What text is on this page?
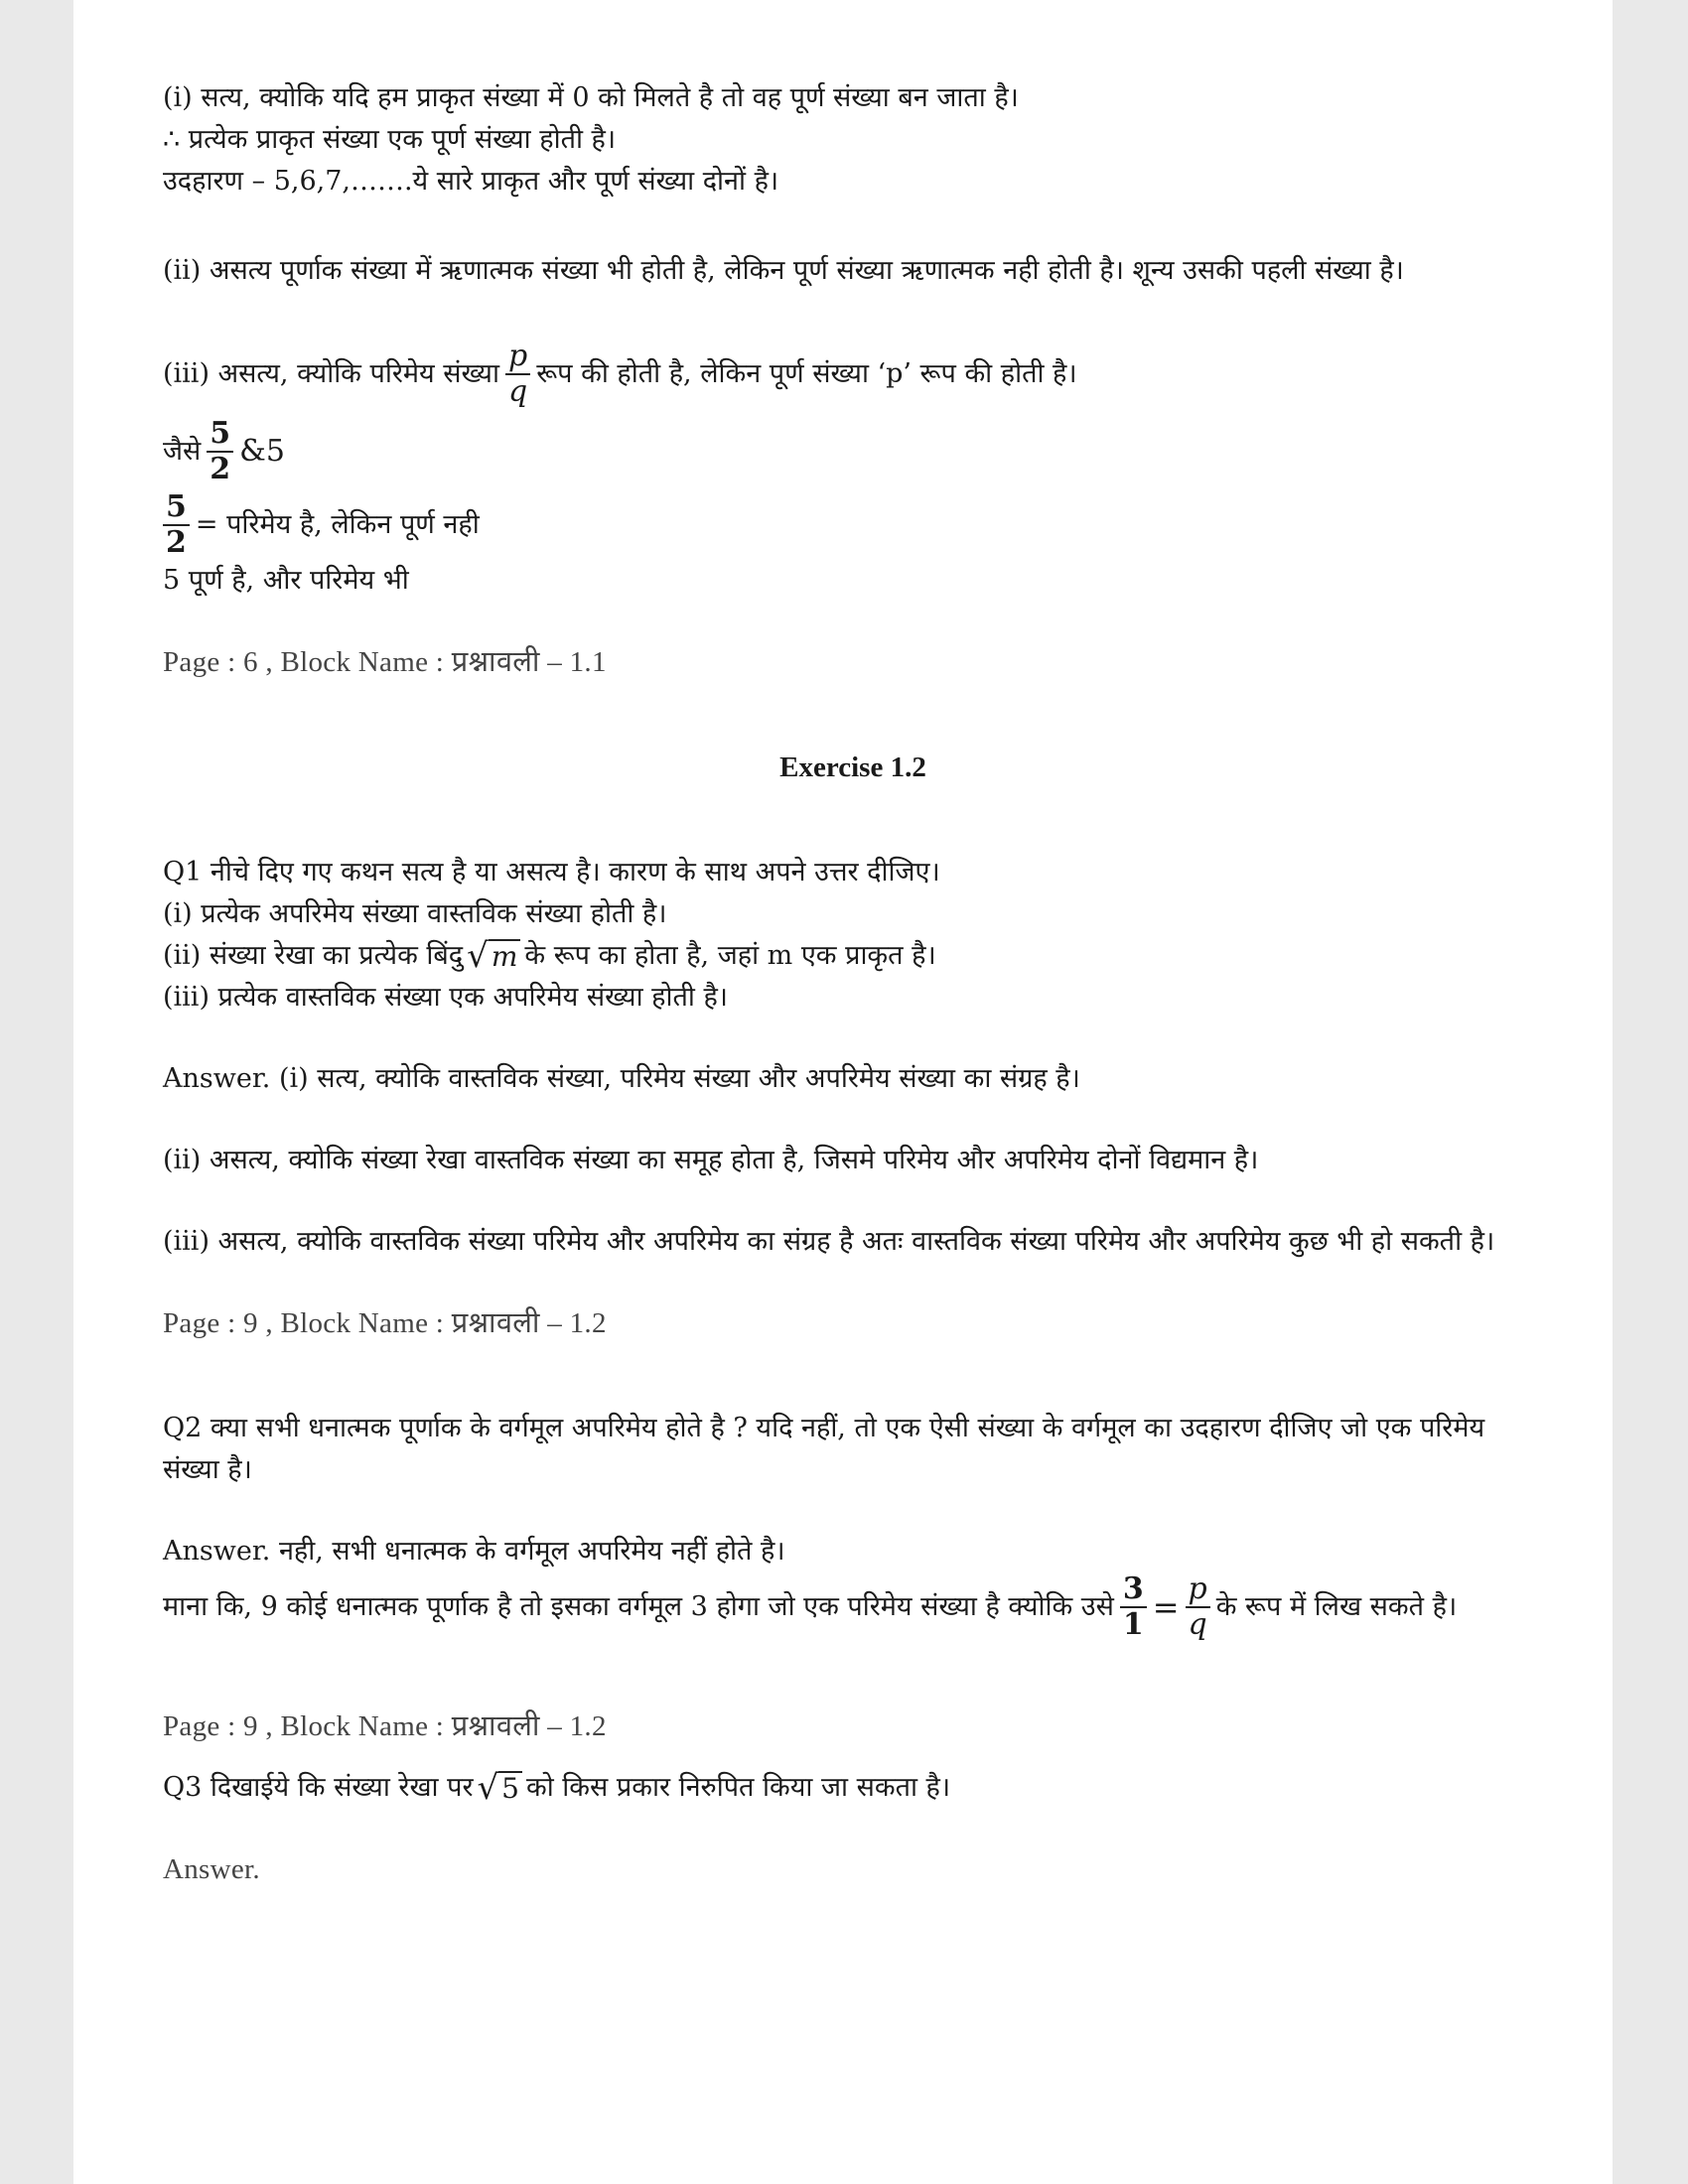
(i) सत्य, क्योकि यदि हम प्राकृत संख्या में 0 को मिलते है तो वह पूर्ण संख्या बन जाता है।

∴ प्रत्येक प्राकृत संख्या एक पूर्ण संख्या होती है।

उदहारण – 5,6,7,…….ये सारे प्राकृत और पूर्ण संख्या दोनों है।

(ii) असत्य पूर्णाक संख्या में ऋणात्मक संख्या भी होती है, लेकिन पूर्ण संख्या ऋणात्मक नही होती है। शून्य उसकी पहली संख्या है।

(iii) असत्य, क्योकि परिमेय संख्या $\frac{p}{q}$ रूप की होती है, लेकिन पूर्ण संख्या ‘p’ रूप की होती है।
जैसे $\frac{5}{2}$ &5
$\frac{5}{2}$ = परिमेय है, लेकिन पूर्ण नही

5 पूर्ण है, और परिमेय भी

Page : 6 , Block Name : प्रश्नावली – 1.1

Exercise 1.2

Q1 नीचे दिए गए कथन सत्य है या असत्य है। कारण के साथ अपने उत्तर दीजिए।

(i) प्रत्येक अपरिमेय संख्या वास्तविक संख्या होती है।

(ii) संख्या रेखा का प्रत्येक बिंदु √ m के रूप का होता है, जहां m एक प्राकृत है।

(iii) प्रत्येक वास्तविक संख्या एक अपरिमेय संख्या होती है।

Answer. (i) सत्य, क्योकि वास्तविक संख्या, परिमेय संख्या और अपरिमेय संख्या का संग्रह है।

(ii) असत्य, क्योकि संख्या रेखा वास्तविक संख्या का समूह होता है, जिसमे परिमेय और अपरिमेय दोनों विद्यमान है।

(iii) असत्य, क्योकि वास्तविक संख्या परिमेय और अपरिमेय का संग्रह है अतः वास्तविक संख्या परिमेय और अपरिमेय कुछ भी हो सकती है।

Page : 9 , Block Name : प्रश्नावली – 1.2

Q2 क्या सभी धनात्मक पूर्णाक के वर्गमूल अपरिमेय होते है ? यदि नहीं, तो एक ऐसी संख्या के वर्गमूल का उदहारण दीजिए जो एक परिमेय संख्या है।

Answer. नही, सभी धनात्मक के वर्गमूल अपरिमेय नहीं होते है।

माना कि, 9 कोई धनात्मक पूर्णाक है तो इसका वर्गमूल 3 होगा जो एक परिमेय संख्या है क्योकि उसे $\frac{3}{1} = \frac{p}{q}$ के रूप में लिख सकते है।

Page : 9 , Block Name : प्रश्नावली – 1.2

Q3 दिखाईये कि संख्या रेखा पर √ 5 को किस प्रकार निरुपित किया जा सकता है।

Answer.
